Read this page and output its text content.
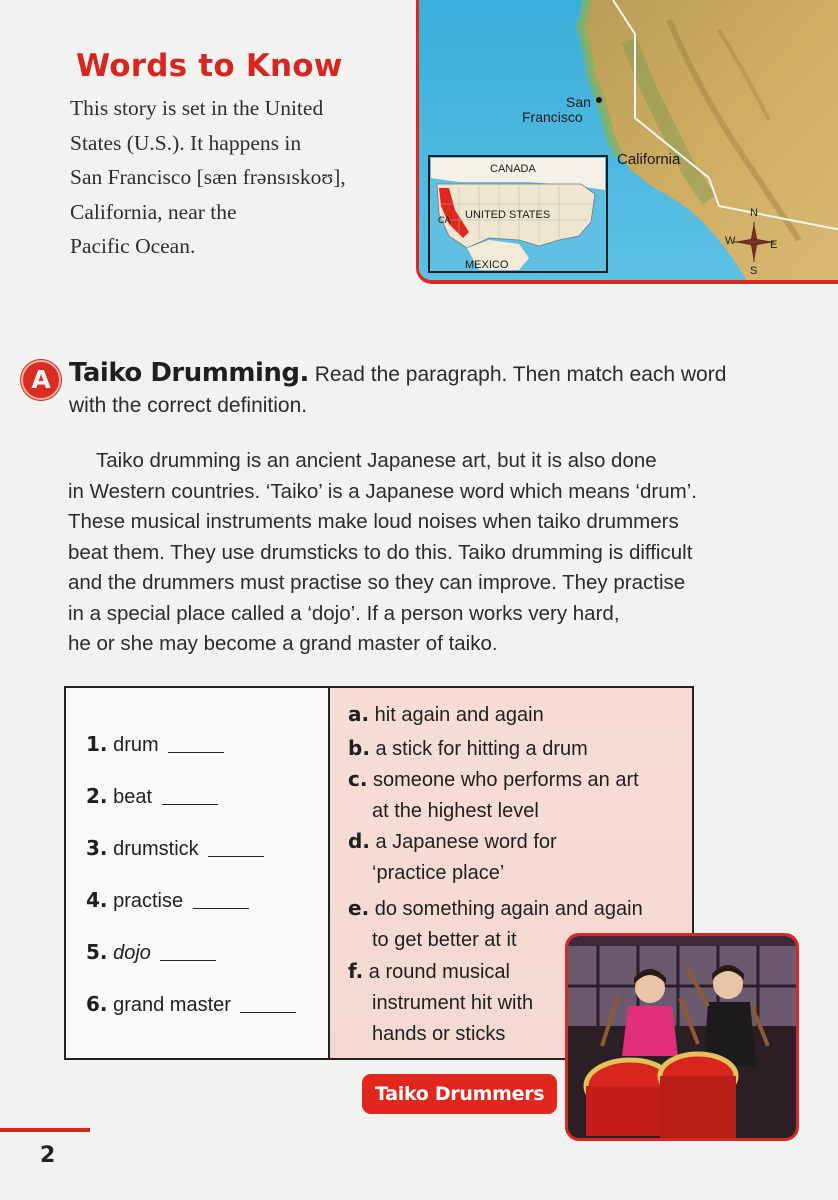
Words to Know
This story is set in the United
States (U.S.). It happens in
San Francisco [sæn frənsɪskoʊ],
California, near the
Pacific Ocean.
San
Francisco
California
N
S
E
W
CANADA
UNITED STATES
MEXICO
CA
A Taiko Drumming. Read the paragraph. Then match each word with the correct definition.
Taiko drumming is an ancient Japanese art, but it is also done
in Western countries. ‘Taiko’ is a Japanese word which means ‘drum’.
These musical instruments make loud noises when taiko drummers
beat them. They use drumsticks to do this. Taiko drumming is difficult
and the drummers must practise so they can improve. They practise
in a special place called a ‘dojo’. If a person works very hard,
he or she may become a grand master of taiko.
1. drum
2. beat
3. drumstick
4. practise
5. dojo
6. grand master
a. hit again and again
b. a stick for hitting a drum
c. someone who performs an art
at the highest level
d. a Japanese word for
‘practice place’
e. do something again and again
to get better at it
f. a round musical
instrument hit with
hands or sticks
Taiko Drummers
2
